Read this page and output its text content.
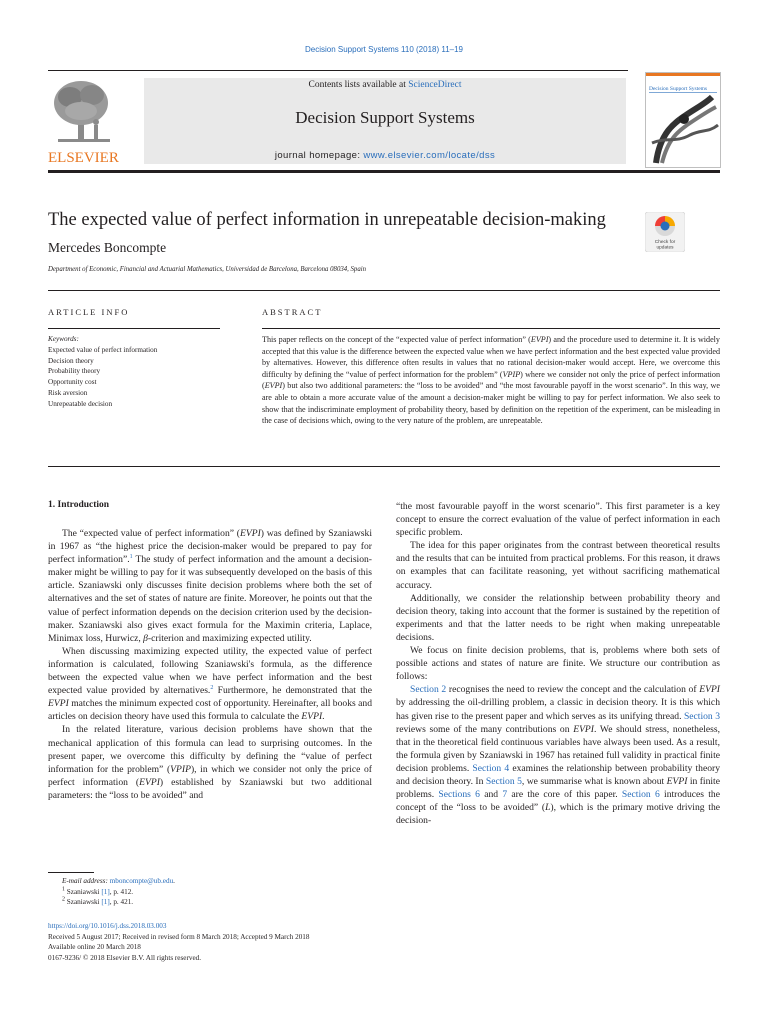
Decision Support Systems 110 (2018) 11–19
ELSEVIER
Contents lists available at ScienceDirect
Decision Support Systems
journal homepage: www.elsevier.com/locate/dss
Decision Support Systems
The expected value of perfect information in unrepeatable decision-making
Check for
updates
Mercedes Boncompte
Department of Economic, Financial and Actuarial Mathematics, Universidad de Barcelona, Barcelona 08034, Spain
ARTICLE INFO	ABSTRACT
Keywords:
Expected value of perfect information
Decision theory
Probability theory
Opportunity cost
Risk aversion
Unrepeatable decision
This paper reflects on the concept of the “expected value of perfect information” (EVPI) and the procedure used to determine it. It is widely accepted that this value is the difference between the expected value when we have perfect information and the best expected value provided by alternatives. However, this difference often results in values that no rational decision-maker would accept. Here, we overcome this difficulty by defining the “value of perfect information for the problem” (VPIP) where we consider not only the price of perfect information (EVPI) but also two additional parameters: the “loss to be avoided” and “the most favourable payoff in the worst scenario”. In this way, we are able to obtain a more accurate value of the amount a decision-maker might be willing to pay for perfect information. We also seek to show that the indiscriminate employment of probability theory, based by definition on the repetition of the experiment, can be misleading in the case of decisions which, owing to the very nature of the problem, are unrepeatable.
1. Introduction

The “expected value of perfect information” (EVPI) was defined by Szaniawski in 1967 as “the highest price the decision-maker would be prepared to pay for perfect information”.$^1$ The study of perfect information and the amount a decision-maker might be willing to pay for it was subsequently developed on the basis of this article. Szaniawski only discusses finite decision problems where both the set of alternatives and the set of states of nature are finite. Moreover, he points out that the value of perfect information depends on the decision criterion used by the decision-maker. Szaniawski also gives exact formula for the Maximin criteria, Laplace, Minimax loss, Hurwicz, β-criterion and maximizing expected utility.

When discussing maximizing expected utility, the expected value of perfect information is calculated, following Szaniawski's formula, as the difference between the expected value when we have perfect information and the best expected value provided by alternatives.$^2$ Furthermore, he demonstrated that the EVPI matches the minimum expected cost of opportunity. Hereinafter, all books and articles on decision theory have used this formula to calculate the EVPI.

In the related literature, various decision problems have shown that the mechanical application of this formula can lead to surprising outcomes. In the present paper, we overcome this difficulty by defining the “value of perfect information for the problem” (VPIP), in which we consider not only the price of perfect information (EVPI) established by Szaniawski but two additional parameters: the “loss to be avoided” and

“the most favourable payoff in the worst scenario”. This first parameter is a key concept to ensure the correct evaluation of the value of perfect information in each specific problem.

The idea for this paper originates from the contrast between theoretical results and the results that can be intuited from practical problems. For this reason, it draws on examples that can facilitate reasoning, yet without sacrificing mathematical accuracy.

Additionally, we consider the relationship between probability theory and decision theory, taking into account that the former is sustained by the repetition of experiments and that the latter needs to be right when making unrepeatable decisions.

We focus on finite decision problems, that is, problems where both sets of possible actions and states of nature are finite. We structure our contribution as follows:

Section 2 recognises the need to review the concept and the calculation of EVPI by addressing the oil-drilling problem, a classic in decision theory. It is this which has given rise to the present paper and which serves as its unifying thread. Section 3 reviews some of the many contributions on EVPI. We should stress, nonetheless, that in the theoretical field continuous variables have always been used. As a result, the formula given by Szaniawski in 1967 has retained full validity in practical finite decision problems. Section 4 examines the relationship between probability theory and decision theory. In Section 5, we summarise what is known about EVPI in finite problems. Sections 6 and 7 are the core of this paper. Section 6 introduces the concept of the “loss to be avoided” (L), which is the primary motive driving the decision-

E-mail address: mboncompte@ub.edu.
$^1$ Szaniawski [1], p. 412.
$^2$ Szaniawski [1], p. 421.
https://doi.org/10.1016/j.dss.2018.03.003
Received 5 August 2017; Received in revised form 8 March 2018; Accepted 9 March 2018
Available online 20 March 2018
0167-9236/ © 2018 Elsevier B.V. All rights reserved.
